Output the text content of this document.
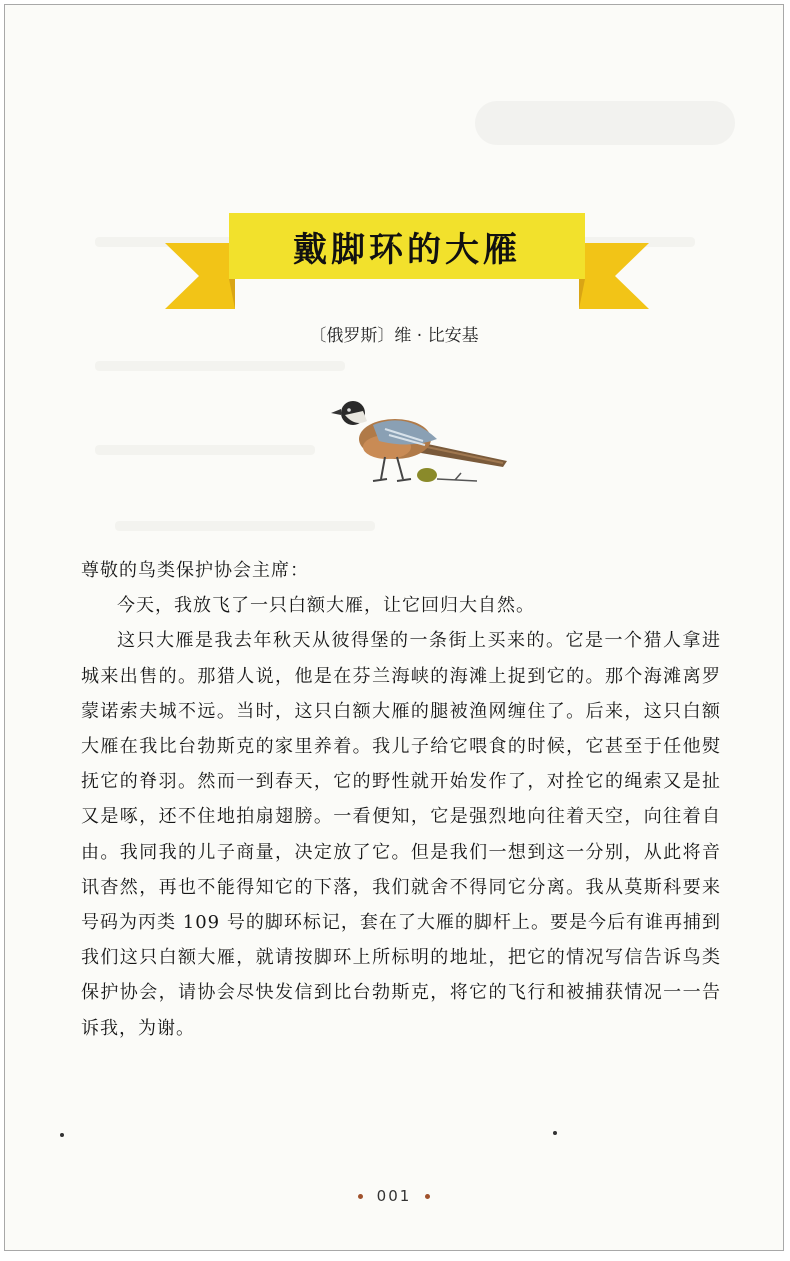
戴脚环的大雁
〔俄罗斯〕维 · 比安基

尊敬的鸟类保护协会主席：

今天，我放飞了一只白额大雁，让它回归大自然。

这只大雁是我去年秋天从彼得堡的一条街上买来的。它是一个猎人拿进城来出售的。那猎人说，他是在芬兰海峡的海滩上捉到它的。那个海滩离罗蒙诺索夫城不远。当时，这只白额大雁的腿被渔网缠住了。后来，这只白额大雁在我比台勃斯克的家里养着。我儿子给它喂食的时候，它甚至于任他熨抚它的脊羽。然而一到春天，它的野性就开始发作了，对拴它的绳索又是扯又是啄，还不住地拍扇翅膀。一看便知，它是强烈地向往着天空，向往着自由。我同我的儿子商量，决定放了它。但是我们一想到这一分别，从此将音讯杳然，再也不能得知它的下落，我们就舍不得同它分离。我从莫斯科要来号码为丙类 109 号的脚环标记，套在了大雁的脚杆上。要是今后有谁再捕到我们这只白额大雁，就请按脚环上所标明的地址，把它的情况写信告诉鸟类保护协会，请协会尽快发信到比台勃斯克，将它的飞行和被捕获情况一一告诉我，为谢。

001
